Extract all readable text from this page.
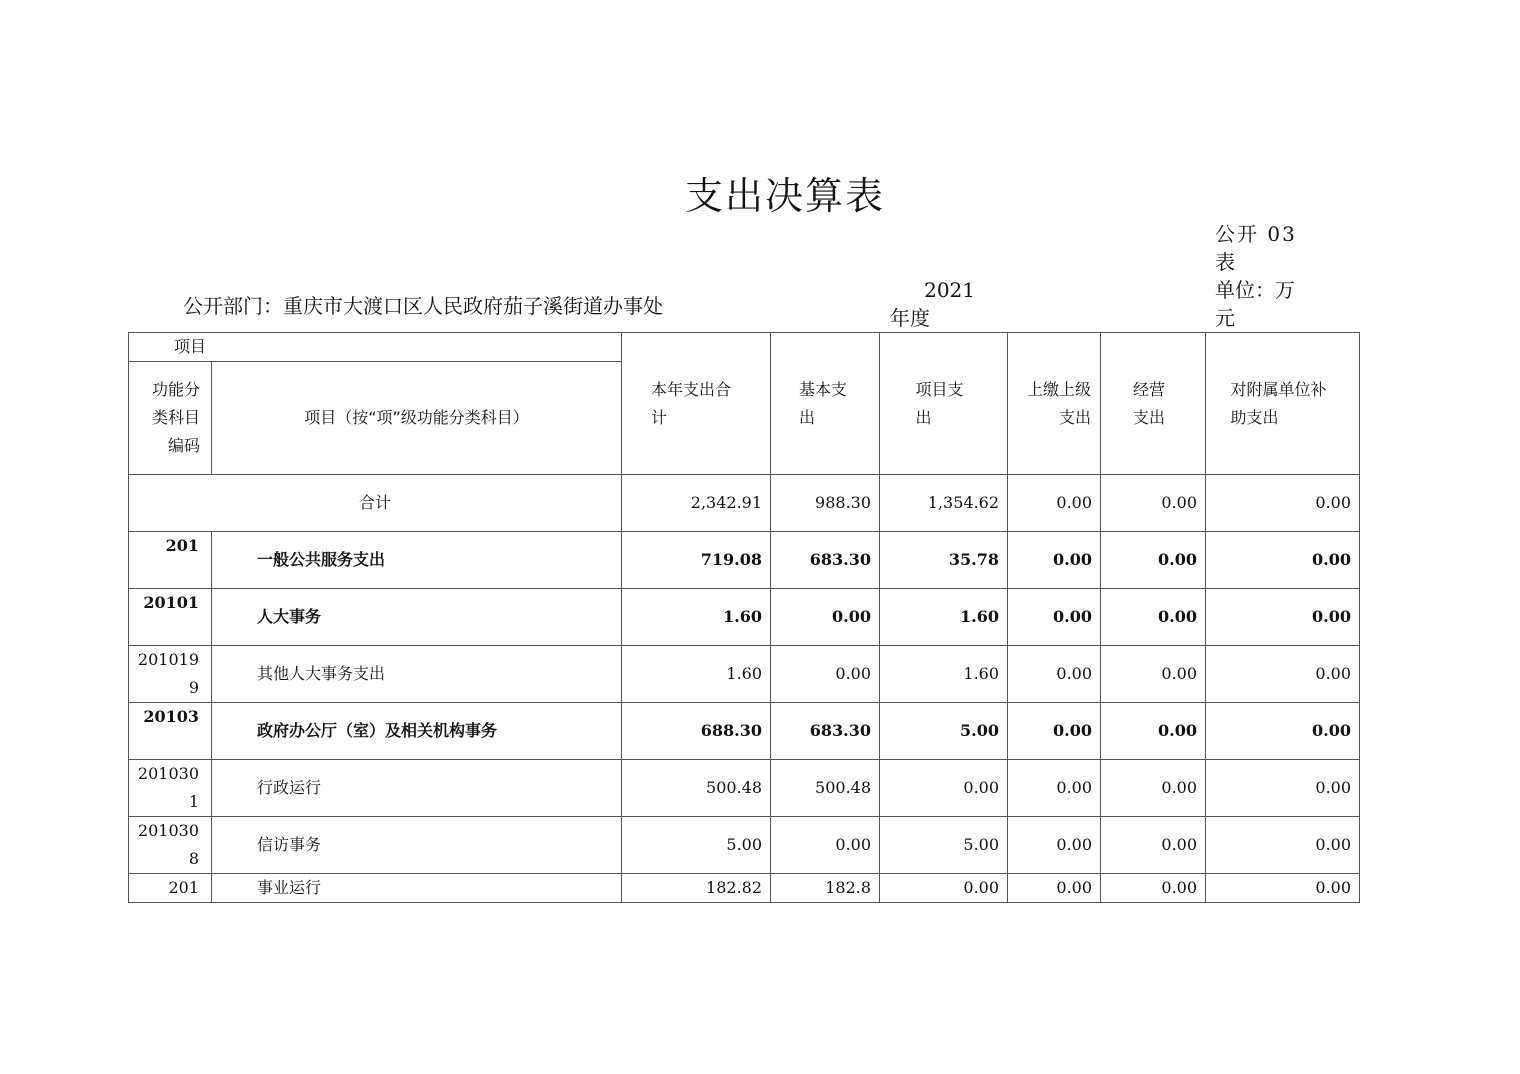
支出决算表
公开 03 表
单位：万元
公开部门：重庆市大渡口区人民政府茄子溪街道办事处
2021
年度
项目		本年支出合计	基本支出	项目支出	上缴上级支出	经营支出	对附属单位补助支出
功能分类科目编码	项目（按“项”级功能分类科目）						
合计		2,342.91	988.30	1,354.62	0.00	0.00	0.00
201	一般公共服务支出	719.08	683.30	35.78	0.00	0.00	0.00
20101	人大事务	1.60	0.00	1.60	0.00	0.00	0.00
2010199	其他人大事务支出	1.60	0.00	1.60	0.00	0.00	0.00
20103	政府办公厅（室）及相关机构事务	688.30	683.30	5.00	0.00	0.00	0.00
2010301	行政运行	500.48	500.48	0.00	0.00	0.00	0.00
2010308	信访事务	5.00	0.00	5.00	0.00	0.00	0.00
201	事业运行	182.82	182.8	0.00	0.00	0.00	0.00
